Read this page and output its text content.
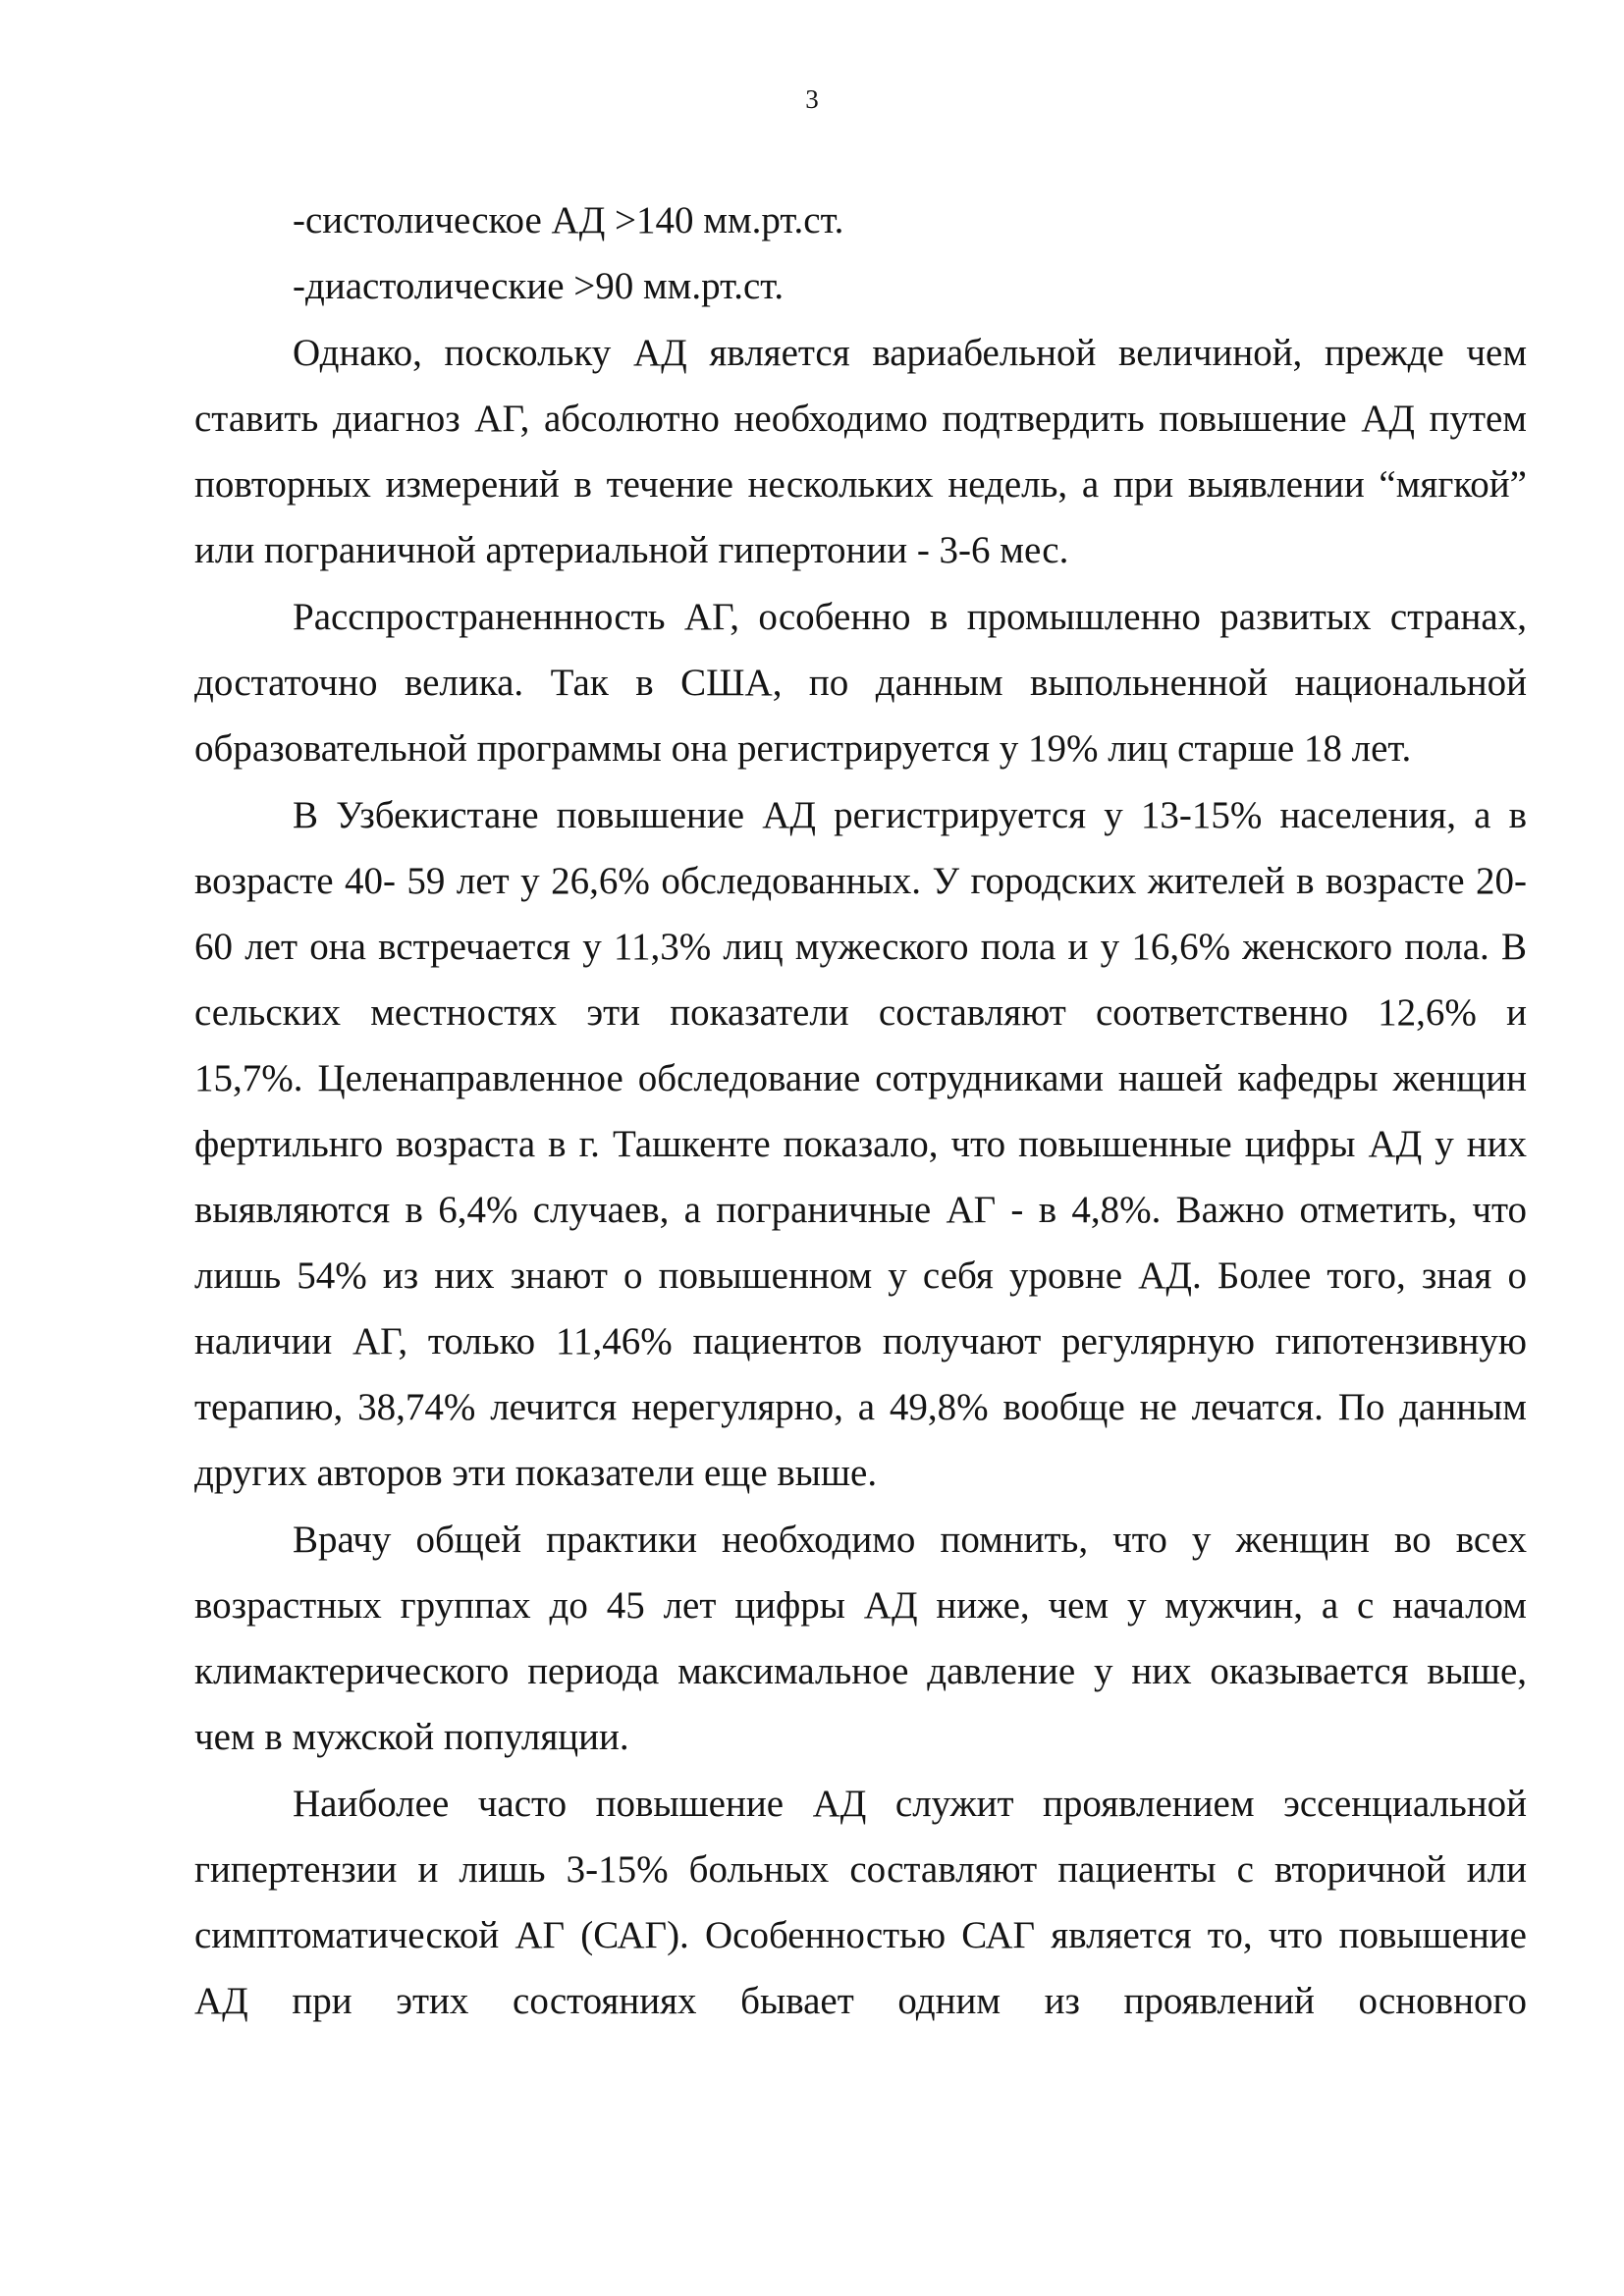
3
-систолическое АД >140 мм.рт.ст.
-диастолические >90 мм.рт.ст.
Однако, поскольку АД является вариабельной величиной, прежде чем
ставить диагноз АГ, абсолютно необходимо подтвердить повышение АД путем
повторных измерений в течение нескольких недель, а при выявлении “мягкой”
или пограничной артериальной гипертонии - 3-6 мес.
Расспространеннность АГ, особенно в промышленно развитых странах,
достаточно велика. Так в США, по данным выпольненной национальной
образовательной программы она регистрируется у 19% лиц старше 18 лет.
В Узбекистане повышение АД регистрируется у 13-15% населения, а в
возрасте 40- 59 лет у 26,6% обследованных. У городских жителей в возрасте 20-
60 лет она встречается у 11,3% лиц мужеского пола и у 16,6% женского пола. В
сельских местностях эти показатели составляют соответственно 12,6% и
15,7%. Целенаправленное обследование сотрудниками нашей кафедры женщин
фертильнго возраста в г. Ташкенте показало, что повышенные цифры АД у них
выявляются в 6,4% случаев, а пограничные АГ - в 4,8%. Важно отметить, что
лишь 54% из них знают о повышенном у себя уровне АД. Более того, зная о
наличии АГ, только 11,46% пациентов получают регулярную гипотензивную
терапию, 38,74% лечится нерегулярно, а 49,8% вообще не лечатся. По данным
других авторов эти показатели еще выше.
Врачу общей практики необходимо помнить, что у женщин во всех
возрастных группах до 45 лет цифры АД ниже, чем у мужчин, а с началом
климактерического периода максимальное давление у них оказывается выше,
чем в мужской популяции.
Наиболее часто повышение АД служит проявлением эссенциальной
гипертензии и лишь 3-15% больных составляют пациенты с вторичной или
симптоматической АГ (САГ). Особенностью САГ является то, что повышение
АД при этих состояниях бывает одним из проявлений основного
